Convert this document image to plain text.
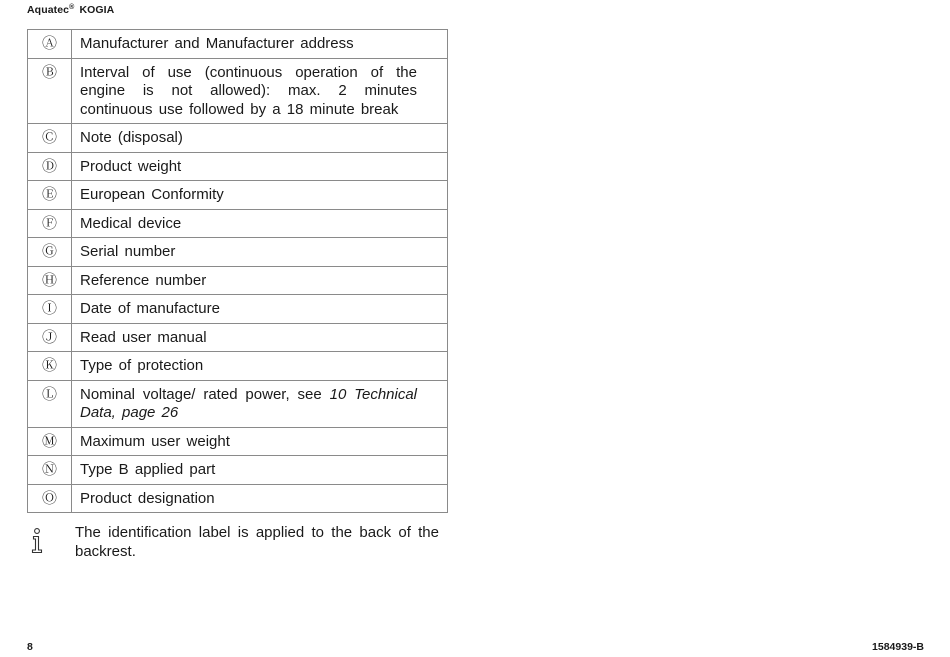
Aquatec® KOGIA
Ⓐ	Manufacturer and Manufacturer address
Ⓑ	Interval of use (continuous operation of the engine is not allowed): max. 2 minutes continuous use followed by a 18 minute break
Ⓒ	Note (disposal)
Ⓓ	Product weight
Ⓔ	European Conformity
Ⓕ	Medical device
Ⓖ	Serial number
Ⓗ	Reference number
Ⓘ	Date of manufacture
Ⓙ	Read user manual
Ⓚ	Type of protection
Ⓛ	Nominal voltage/ rated power, see 10 Technical Data, page 26
Ⓜ	Maximum user weight
Ⓝ	Type B applied part
Ⓞ	Product designation
The identification label is applied to the back of the backrest.
8	1584939-B
